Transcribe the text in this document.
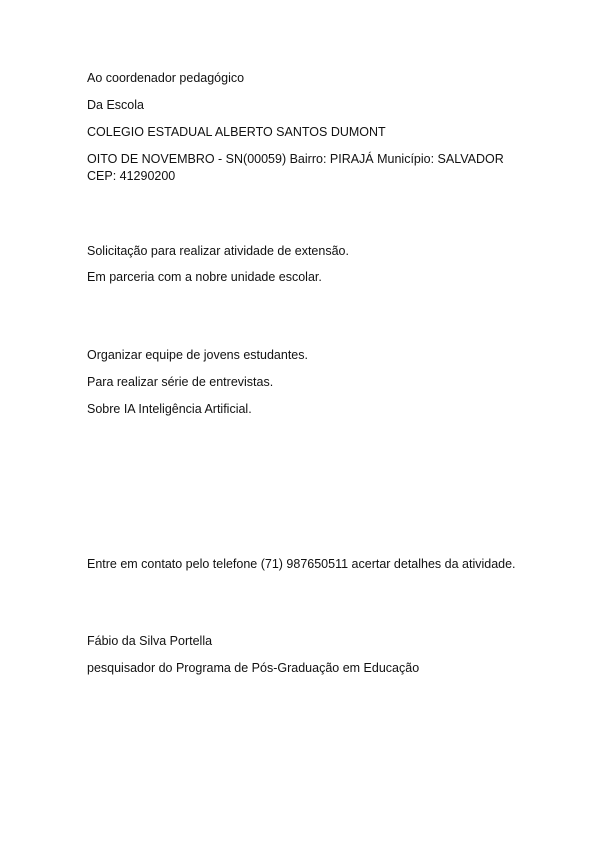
Ao coordenador pedagógico

Da Escola

COLEGIO ESTADUAL ALBERTO SANTOS DUMONT

OITO DE NOVEMBRO - SN(00059) Bairro: PIRAJÁ Município: SALVADOR
CEP: 41290200

Solicitação para realizar atividade de extensão.

Em parceria com a nobre unidade escolar.

Organizar equipe de jovens estudantes.

Para realizar série de entrevistas.

Sobre IA Inteligência Artificial.

Entre em contato pelo telefone (71) 987650511 acertar detalhes da atividade.

Fábio da Silva Portella

pesquisador do Programa de Pós-Graduação em Educação
